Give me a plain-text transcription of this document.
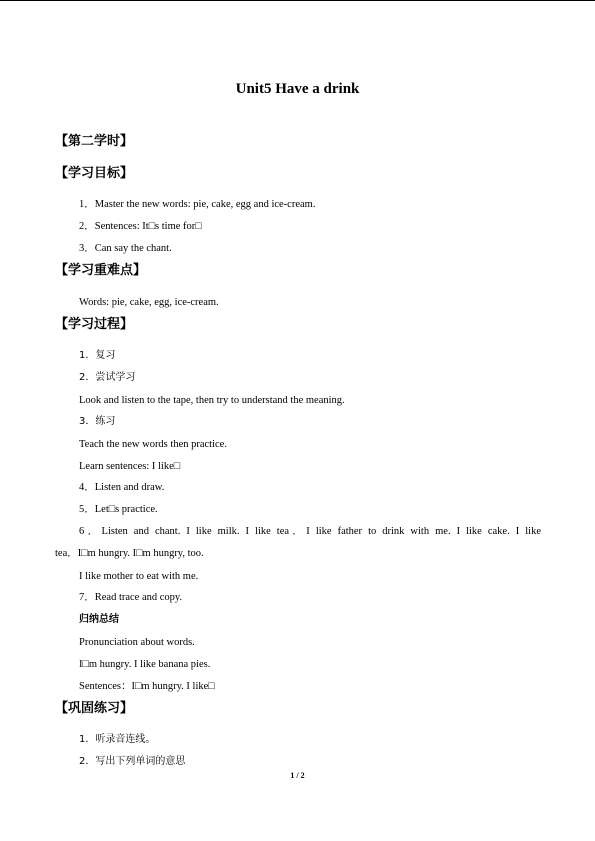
Unit5 Have a drink
【第二学时】
【学习目标】
1．Master the new words: pie, cake, egg and ice-cream.
2．Sentences: It□s time for□
3．Can say the chant.
【学习重难点】
Words: pie, cake, egg, ice-cream.
【学习过程】
1．复习
2．尝试学习
Look and listen to the tape, then try to understand the meaning.
3．练习
Teach the new words then practice.
Learn sentences: I like□
4．Listen and draw.
5．Let□s practice.
6．Listen and chant. I like milk. I like tea．I like father to drink with me. I like cake. I like
tea．I□m hungry. I□m hungry, too.
I like mother to eat with me.
7．Read trace and copy.
归纳总结
Pronunciation about words.
I□m hungry. I like banana pies.
Sentences：I□m hungry. I like□
【巩固练习】
1．听录音连线。
2．写出下列单词的意思
1 / 2
